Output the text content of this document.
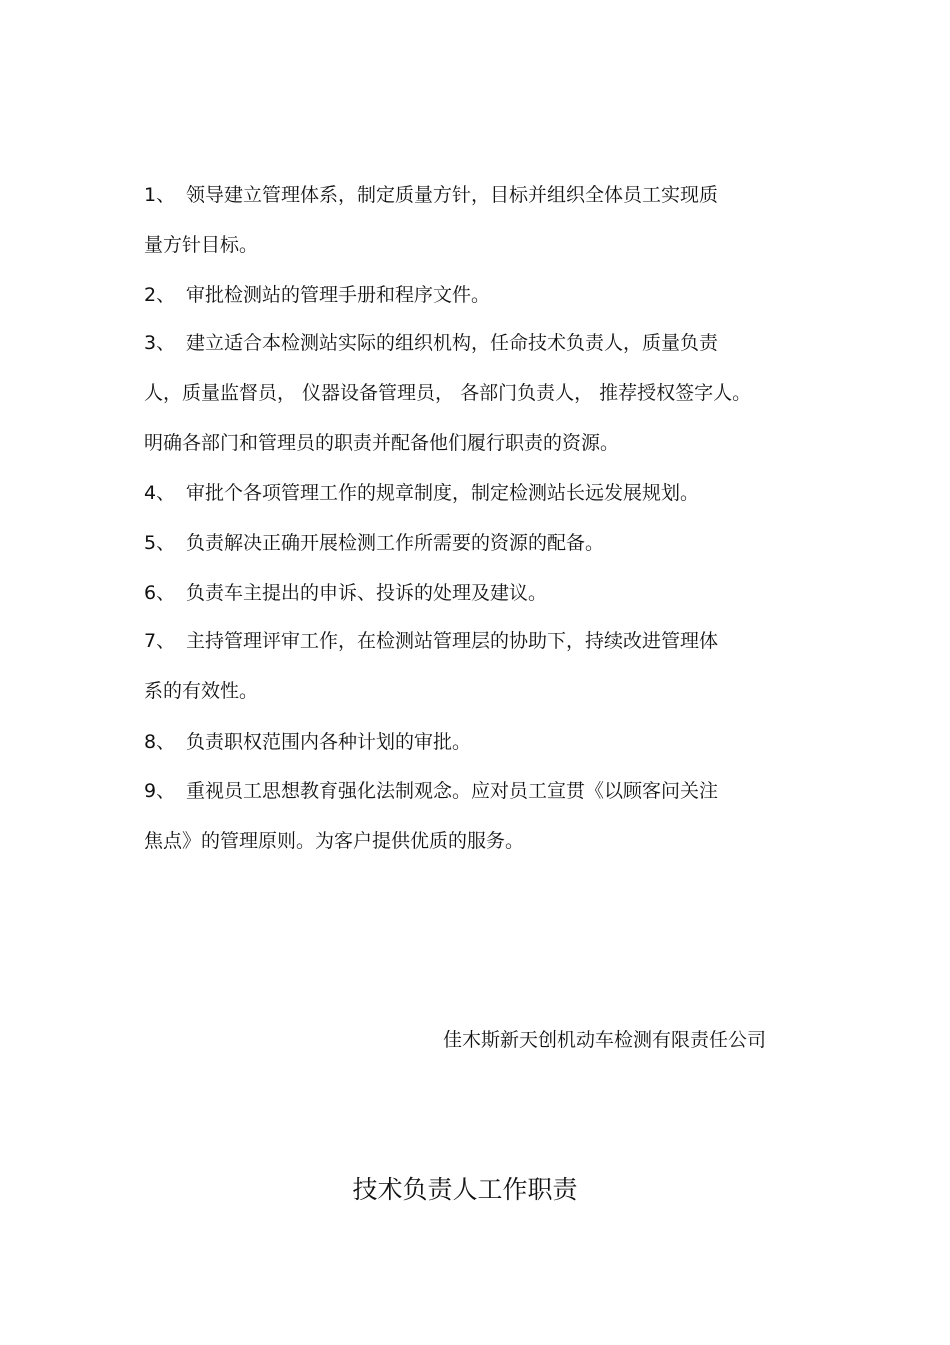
1、 领导建立管理体系，制定质量方针，目标并组织全体员工实现质
量方针目标。
2、 审批检测站的管理手册和程序文件。
3、 建立适合本检测站实际的组织机构，任命技术负责人，质量负责
人，质量监督员， 仪器设备管理员， 各部门负责人， 推荐授权签字人。
明确各部门和管理员的职责并配备他们履行职责的资源。
4、 审批个各项管理工作的规章制度，制定检测站长远发展规划。
5、 负责解决正确开展检测工作所需要的资源的配备。
6、 负责车主提出的申诉、投诉的处理及建议。
7、 主持管理评审工作，在检测站管理层的协助下，持续改进管理体
系的有效性。
8、 负责职权范围内各种计划的审批。
9、 重视员工思想教育强化法制观念。应对员工宣贯《以顾客问关注
焦点》的管理原则。为客户提供优质的服务。
佳木斯新天创机动车检测有限责任公司
技术负责人工作职责
